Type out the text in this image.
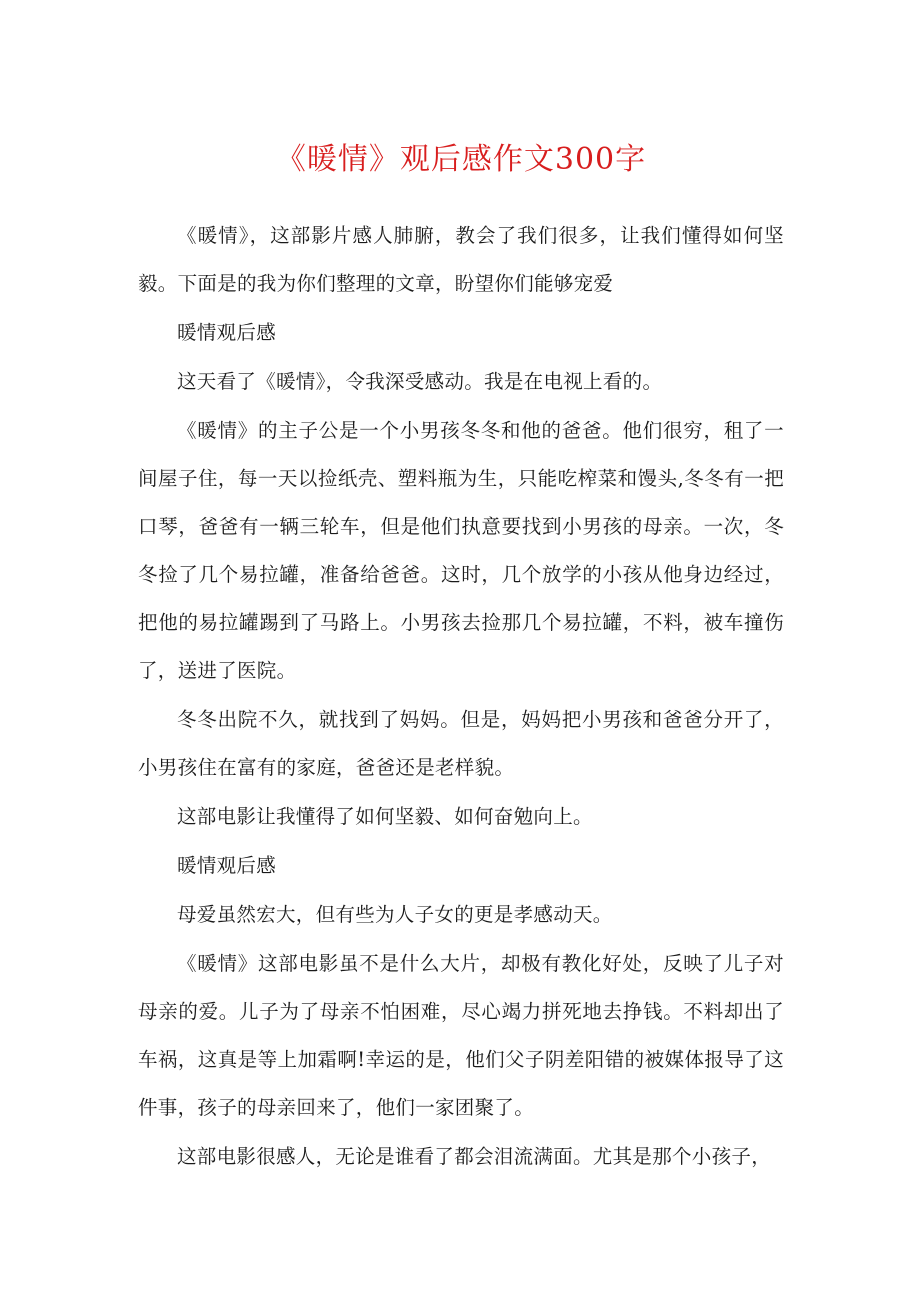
《暖情》观后感作文300字

《暖情》，这部影片感人肺腑，教会了我们很多，让我们懂得如何坚毅。下面是的我为你们整理的文章，盼望你们能够宠爱

暖情观后感

这天看了《暖情》，令我深受感动。我是在电视上看的。

《暖情》的主子公是一个小男孩冬冬和他的爸爸。他们很穷，租了一间屋子住，每一天以捡纸壳、塑料瓶为生，只能吃榨菜和馒头,冬冬有一把口琴，爸爸有一辆三轮车，但是他们执意要找到小男孩的母亲。一次，冬冬捡了几个易拉罐，准备给爸爸。这时，几个放学的小孩从他身边经过，把他的易拉罐踢到了马路上。小男孩去捡那几个易拉罐，不料，被车撞伤了，送进了医院。

冬冬出院不久，就找到了妈妈。但是，妈妈把小男孩和爸爸分开了，小男孩住在富有的家庭，爸爸还是老样貌。

这部电影让我懂得了如何坚毅、如何奋勉向上。

暖情观后感

母爱虽然宏大，但有些为人子女的更是孝感动天。

《暖情》这部电影虽不是什么大片，却极有教化好处，反映了儿子对母亲的爱。儿子为了母亲不怕困难，尽心竭力拼死地去挣钱。不料却出了车祸，这真是等上加霜啊!幸运的是，他们父子阴差阳错的被媒体报导了这件事，孩子的母亲回来了，他们一家团聚了。

这部电影很感人，无论是谁看了都会泪流满面。尤其是那个小孩子，
